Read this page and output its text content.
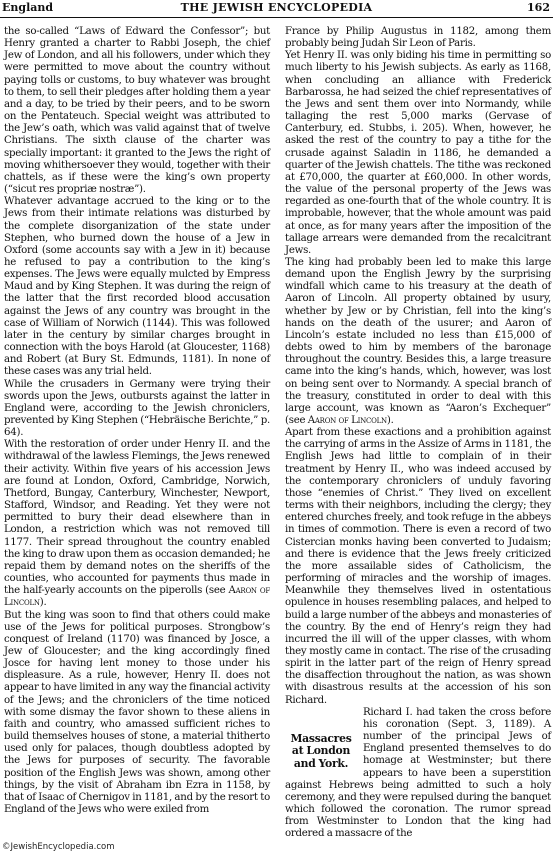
THE JEWISH ENCYCLOPEDIA
England	162

the so-called “Laws of Edward the Confessor”; but Henry granted a charter to Rabbi Joseph, the chief Jew of London, and all his followers, under which they were permitted to move about the country without paying tolls or customs, to buy whatever was brought to them, to sell their pledges after holding them a year and a day, to be tried by their peers, and to be sworn on the Pentateuch. Special weight was attributed to the Jew’s oath, which was valid against that of twelve Christians. The sixth clause of the charter was specially important: it granted to the Jews the right of moving whithersoever they would, together with their chattels, as if these were the king’s own property (“sicut res propriæ nostræ”).

Whatever advantage accrued to the king or to the Jews from their intimate relations was disturbed by the complete disorganization of the state under Stephen, who burned down the house of a Jew in Oxford (some accounts say with a Jew in it) because he refused to pay a contribution to the king’s expenses. The Jews were equally mulcted by Empress Maud and by King Stephen. It was during the reign of the latter that the first recorded blood accusation against the Jews of any country was brought in the case of William of Norwich (1144). This was followed later in the century by similar charges brought in connection with the boys Harold (at Gloucester, 1168) and Robert (at Bury St. Edmunds, 1181). In none of these cases was any trial held.

While the crusaders in Germany were trying their swords upon the Jews, outbursts against the latter in England were, according to the Jewish chroniclers, prevented by King Stephen (“Hebräische Berichte,” p. 64).

With the restoration of order under Henry II. and the withdrawal of the lawless Flemings, the Jews renewed their activity. Within five years of his accession Jews are found at London, Oxford, Cambridge, Norwich, Thetford, Bungay, Canterbury, Winchester, Newport, Stafford, Windsor, and Reading. Yet they were not permitted to bury their dead elsewhere than in London, a restriction which was not removed till 1177. Their spread throughout the country enabled the king to draw upon them as occasion demanded; he repaid them by demand notes on the sheriffs of the counties, who accounted for payments thus made in the half-yearly accounts on the piperolls (see Aaron of Lincoln).

But the king was soon to find that others could make use of the Jews for political purposes. Strongbow’s conquest of Ireland (1170) was financed by Josce, a Jew of Gloucester; and the king accordingly fined Josce for having lent money to those under his displeasure. As a rule, however, Henry II. does not appear to have limited in any way the financial activity of the Jews; and the chroniclers of the time noticed with some dismay the favor shown to these aliens in faith and country, who amassed sufficient riches to build themselves houses of stone, a material thitherto used only for palaces, though doubtless adopted by the Jews for purposes of security. The favorable position of the English Jews was shown, among other things, by the visit of Abraham ibn Ezra in 1158, by that of Isaac of Chernigov in 1181, and by the resort to England of the Jews who were exiled from

France by Philip Augustus in 1182, among them probably being Judah Sir Leon of Paris.

Yet Henry II. was only biding his time in permitting so much liberty to his Jewish subjects. As early as 1168, when concluding an alliance with Frederick Barbarossa, he had seized the chief representatives of the Jews and sent them over into Normandy, while tallaging the rest 5,000 marks (Gervase of Canterbury, ed. Stubbs, i. 205). When, however, he asked the rest of the country to pay a tithe for the crusade against Saladin in 1186, he demanded a quarter of the Jewish chattels. The tithe was reckoned at £70,000, the quarter at £60,000. In other words, the value of the personal property of the Jews was regarded as one-fourth that of the whole country. It is improbable, however, that the whole amount was paid at once, as for many years after the imposition of the tallage arrears were demanded from the recalcitrant Jews.

The king had probably been led to make this large demand upon the English Jewry by the surprising windfall which came to his treasury at the death of Aaron of Lincoln. All property obtained by usury, whether by Jew or by Christian, fell into the king’s hands on the death of the usurer; and Aaron of Lincoln’s estate included no less than £15,000 of debts owed to him by members of the baronage throughout the country. Besides this, a large treasure came into the king’s hands, which, however, was lost on being sent over to Normandy. A special branch of the treasury, constituted in order to deal with this large account, was known as “Aaron’s Exchequer” (see Aaron of Lincoln).

Apart from these exactions and a prohibition against the carrying of arms in the Assize of Arms in 1181, the English Jews had little to complain of in their treatment by Henry II., who was indeed accused by the contemporary chroniclers of unduly favoring those “enemies of Christ.” They lived on excellent terms with their neighbors, including the clergy; they entered churches freely, and took refuge in the abbeys in times of commotion. There is even a record of two Cistercian monks having been converted to Judaism; and there is evidence that the Jews freely criticized the more assailable sides of Catholicism, the performing of miracles and the worship of images. Meanwhile they themselves lived in ostentatious opulence in houses resembling palaces, and helped to build a large number of the abbeys and monasteries of the country. By the end of Henry’s reign they had incurred the ill will of the upper classes, with whom they mostly came in contact. The rise of the crusading spirit in the latter part of the reign of Henry spread the disaffection throughout the nation, as was shown with disastrous results at the accession of his son Richard.

Massacres
at London
and York.
Richard I. had taken the cross before his coronation (Sept. 3, 1189). A number of the principal Jews of England presented themselves to do homage at Westminster; but there appears to have been a superstition against Hebrews being admitted to such a holy ceremony, and they were repulsed during the banquet which followed the coronation. The rumor spread from Westminster to London that the king had ordered a massacre of the

©JewishEncyclopedia.com
